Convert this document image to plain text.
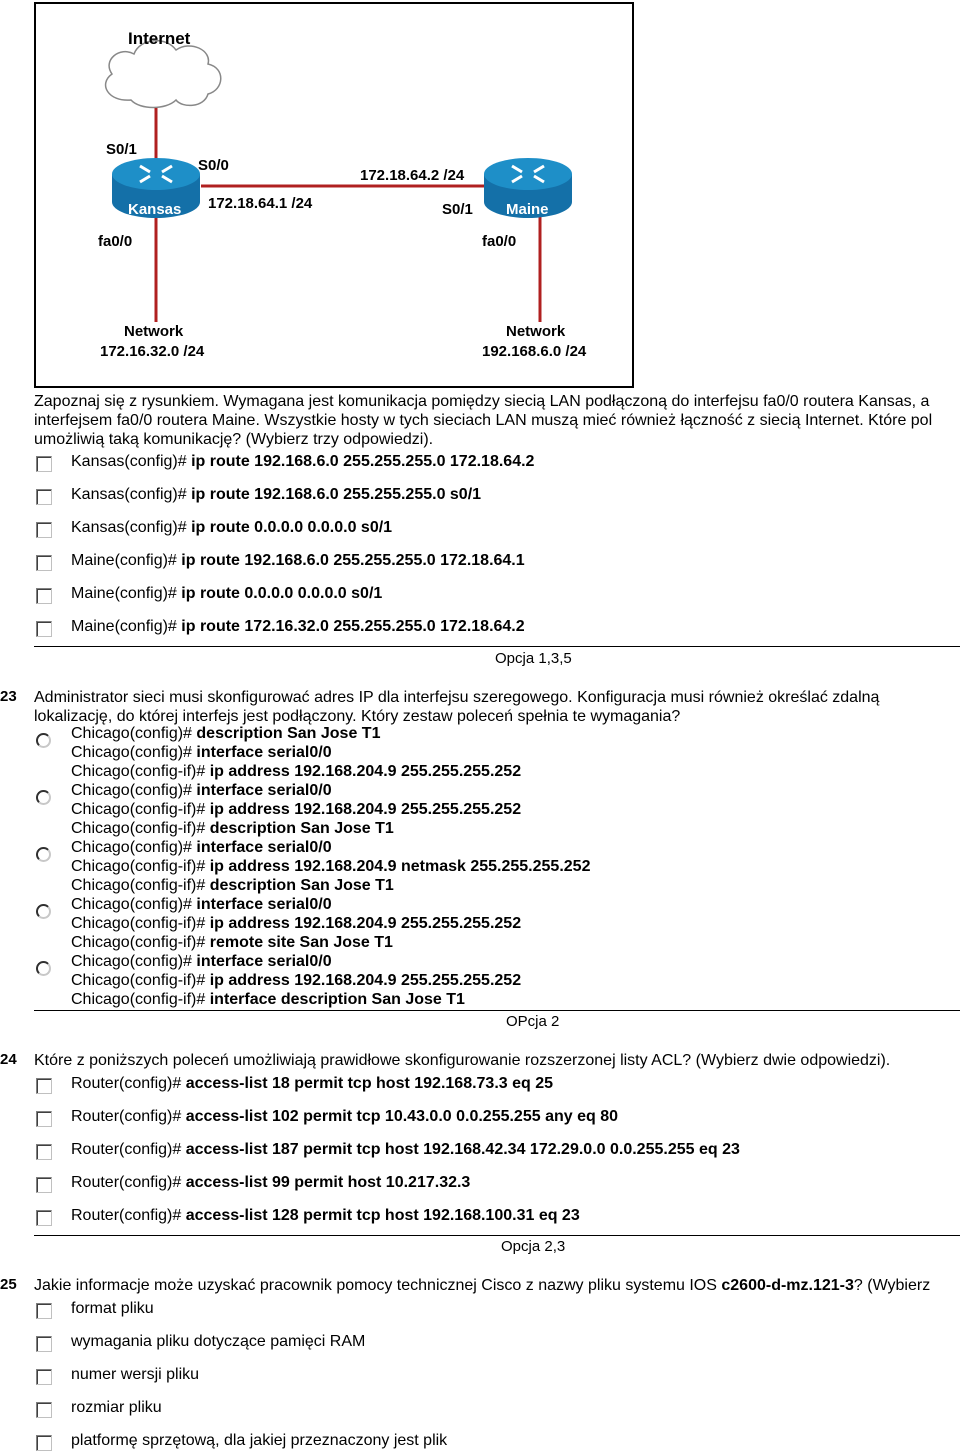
Internet
Kansas	Maine
S0/1
S0/0
172.18.64.1 /24
fa0/0
172.18.64.2 /24
S0/1
fa0/0
Network
172.16.32.0 /24
Network
192.168.6.0 /24
Zapoznaj się z rysunkiem. Wymagana jest komunikacja pomiędzy siecią LAN podłączoną do interfejsu fa0/0 routera Kansas, a
interfejsem fa0/0 routera Maine. Wszystkie hosty w tych sieciach LAN muszą mieć również łączność z siecią Internet. Które pol
umożliwią taką komunikację? (Wybierz trzy odpowiedzi).
Kansas(config)# ip route 192.168.6.0 255.255.255.0 172.18.64.2
Kansas(config)# ip route 192.168.6.0 255.255.255.0 s0/1
Kansas(config)# ip route 0.0.0.0 0.0.0.0 s0/1
Maine(config)# ip route 192.168.6.0 255.255.255.0 172.18.64.1
Maine(config)# ip route 0.0.0.0 0.0.0.0 s0/1
Maine(config)# ip route 172.16.32.0 255.255.255.0 172.18.64.2
Opcja 1,3,5
23 Administrator sieci musi skonfigurować adres IP dla interfejsu szeregowego. Konfiguracja musi również określać zdalną
lokalizację, do której interfejs jest podłączony. Który zestaw poleceń spełnia te wymagania?
Chicago(config)# description San Jose T1
Chicago(config)# interface serial0/0
Chicago(config-if)# ip address 192.168.204.9 255.255.255.252
Chicago(config)# interface serial0/0
Chicago(config-if)# ip address 192.168.204.9 255.255.255.252
Chicago(config-if)# description San Jose T1
Chicago(config)# interface serial0/0
Chicago(config-if)# ip address 192.168.204.9 netmask 255.255.255.252
Chicago(config-if)# description San Jose T1
Chicago(config)# interface serial0/0
Chicago(config-if)# ip address 192.168.204.9 255.255.255.252
Chicago(config-if)# remote site San Jose T1
Chicago(config)# interface serial0/0
Chicago(config-if)# ip address 192.168.204.9 255.255.255.252
Chicago(config-if)# interface description San Jose T1
OPcja 2
24 Które z poniższych poleceń umożliwiają prawidłowe skonfigurowanie rozszerzonej listy ACL? (Wybierz dwie odpowiedzi).
Router(config)# access-list 18 permit tcp host 192.168.73.3 eq 25
Router(config)# access-list 102 permit tcp 10.43.0.0 0.0.255.255 any eq 80
Router(config)# access-list 187 permit tcp host 192.168.42.34 172.29.0.0 0.0.255.255 eq 23
Router(config)# access-list 99 permit host 10.217.32.3
Router(config)# access-list 128 permit tcp host 192.168.100.31 eq 23
Opcja 2,3
25 Jakie informacje może uzyskać pracownik pomocy technicznej Cisco z nazwy pliku systemu IOS c2600-d-mz.121-3? (Wybierz
format pliku
wymagania pliku dotyczące pamięci RAM
numer wersji pliku
rozmiar pliku
platformę sprzętową, dla jakiej przeznaczony jest plik
